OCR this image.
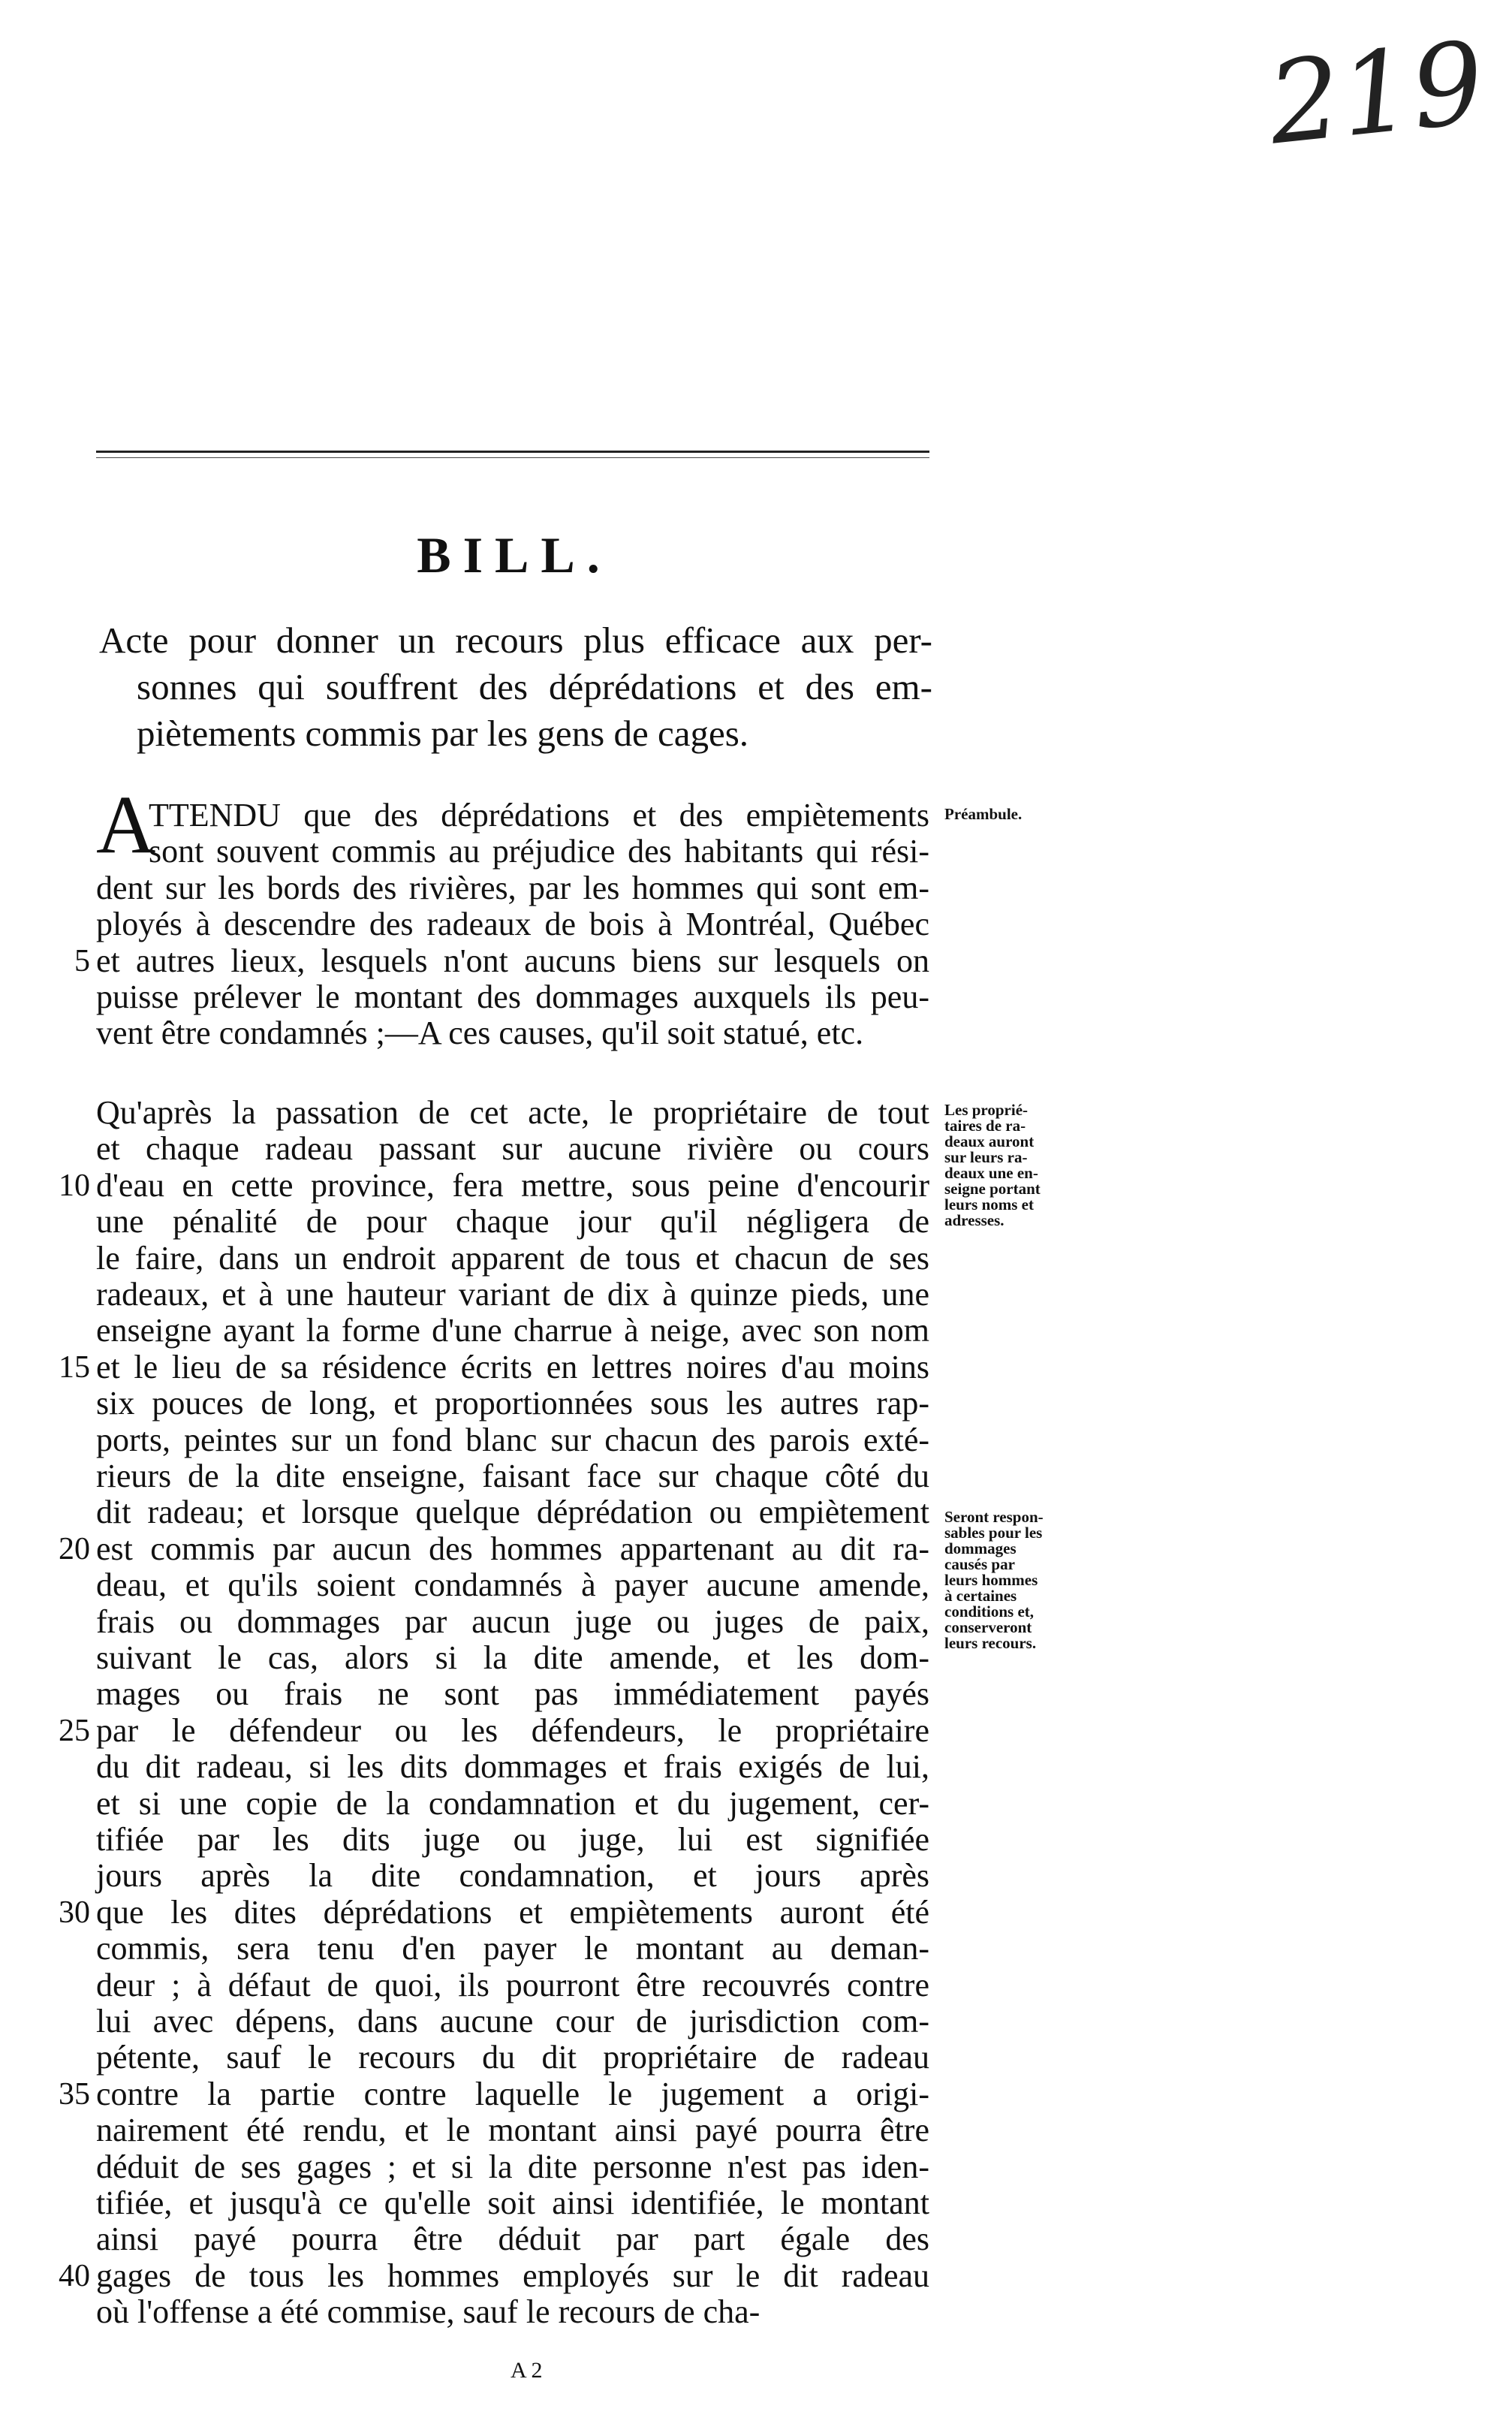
219
BILL.
Acte pour donner un recours plus efficace aux per-
sonnes qui souffrent des déprédations et des em-
piètements commis par les gens de cages.
A
TTENDU que des déprédations et des empiètements
sont souvent commis au préjudice des habitants qui rési-
dent sur les bords des rivières, par les hommes qui sont em-
ployés à descendre des radeaux de bois à Montréal, Québec
et autres lieux, lesquels n'ont aucuns biens sur lesquels on
puisse prélever le montant des dommages auxquels ils peu-
vent être condamnés ;—A ces causes, qu'il soit statué, etc.
Préambule.
5
Qu'après la passation de cet acte, le propriétaire de tout
et chaque radeau passant sur aucune rivière ou cours
d'eau en cette province, fera mettre, sous peine d'encourir
une pénalité de pour chaque jour qu'il négligera de
le faire, dans un endroit apparent de tous et chacun de ses
radeaux, et à une hauteur variant de dix à quinze pieds, une
enseigne ayant la forme d'une charrue à neige, avec son nom
et le lieu de sa résidence écrits en lettres noires d'au moins
six pouces de long, et proportionnées sous les autres rap-
ports, peintes sur un fond blanc sur chacun des parois exté-
rieurs de la dite enseigne, faisant face sur chaque côté du
dit radeau; et lorsque quelque déprédation ou empiètement
est commis par aucun des hommes appartenant au dit ra-
deau, et qu'ils soient condamnés à payer aucune amende,
frais ou dommages par aucun juge ou juges de paix,
suivant le cas, alors si la dite amende, et les dom-
mages ou frais ne sont pas immédiatement payés
par le défendeur ou les défendeurs, le propriétaire
du dit radeau, si les dits dommages et frais exigés de lui,
et si une copie de la condamnation et du jugement, cer-
tifiée par les dits juge ou juge, lui est signifiée
jours après la dite condamnation, et jours après
que les dites déprédations et empiètements auront été
commis, sera tenu d'en payer le montant au deman-
deur ; à défaut de quoi, ils pourront être recouvrés contre
lui avec dépens, dans aucune cour de jurisdiction com-
pétente, sauf le recours du dit propriétaire de radeau
contre la partie contre laquelle le jugement a origi-
nairement été rendu, et le montant ainsi payé pourra être
déduit de ses gages ; et si la dite personne n'est pas iden-
tifiée, et jusqu'à ce qu'elle soit ainsi identifiée, le montant
ainsi payé pourra être déduit par part égale des
gages de tous les hommes employés sur le dit radeau
où l'offense a été commise, sauf le recours de cha-
10
15
20
25
30
35
40
Les proprié-
taires de ra-
deaux auront
sur leurs ra-
deaux une en-
seigne portant
leurs noms et
adresses.
Seront respon-
sables pour les
dommages
causés par
leurs hommes
à certaines
conditions et,
conserveront
leurs recours.
A 2
